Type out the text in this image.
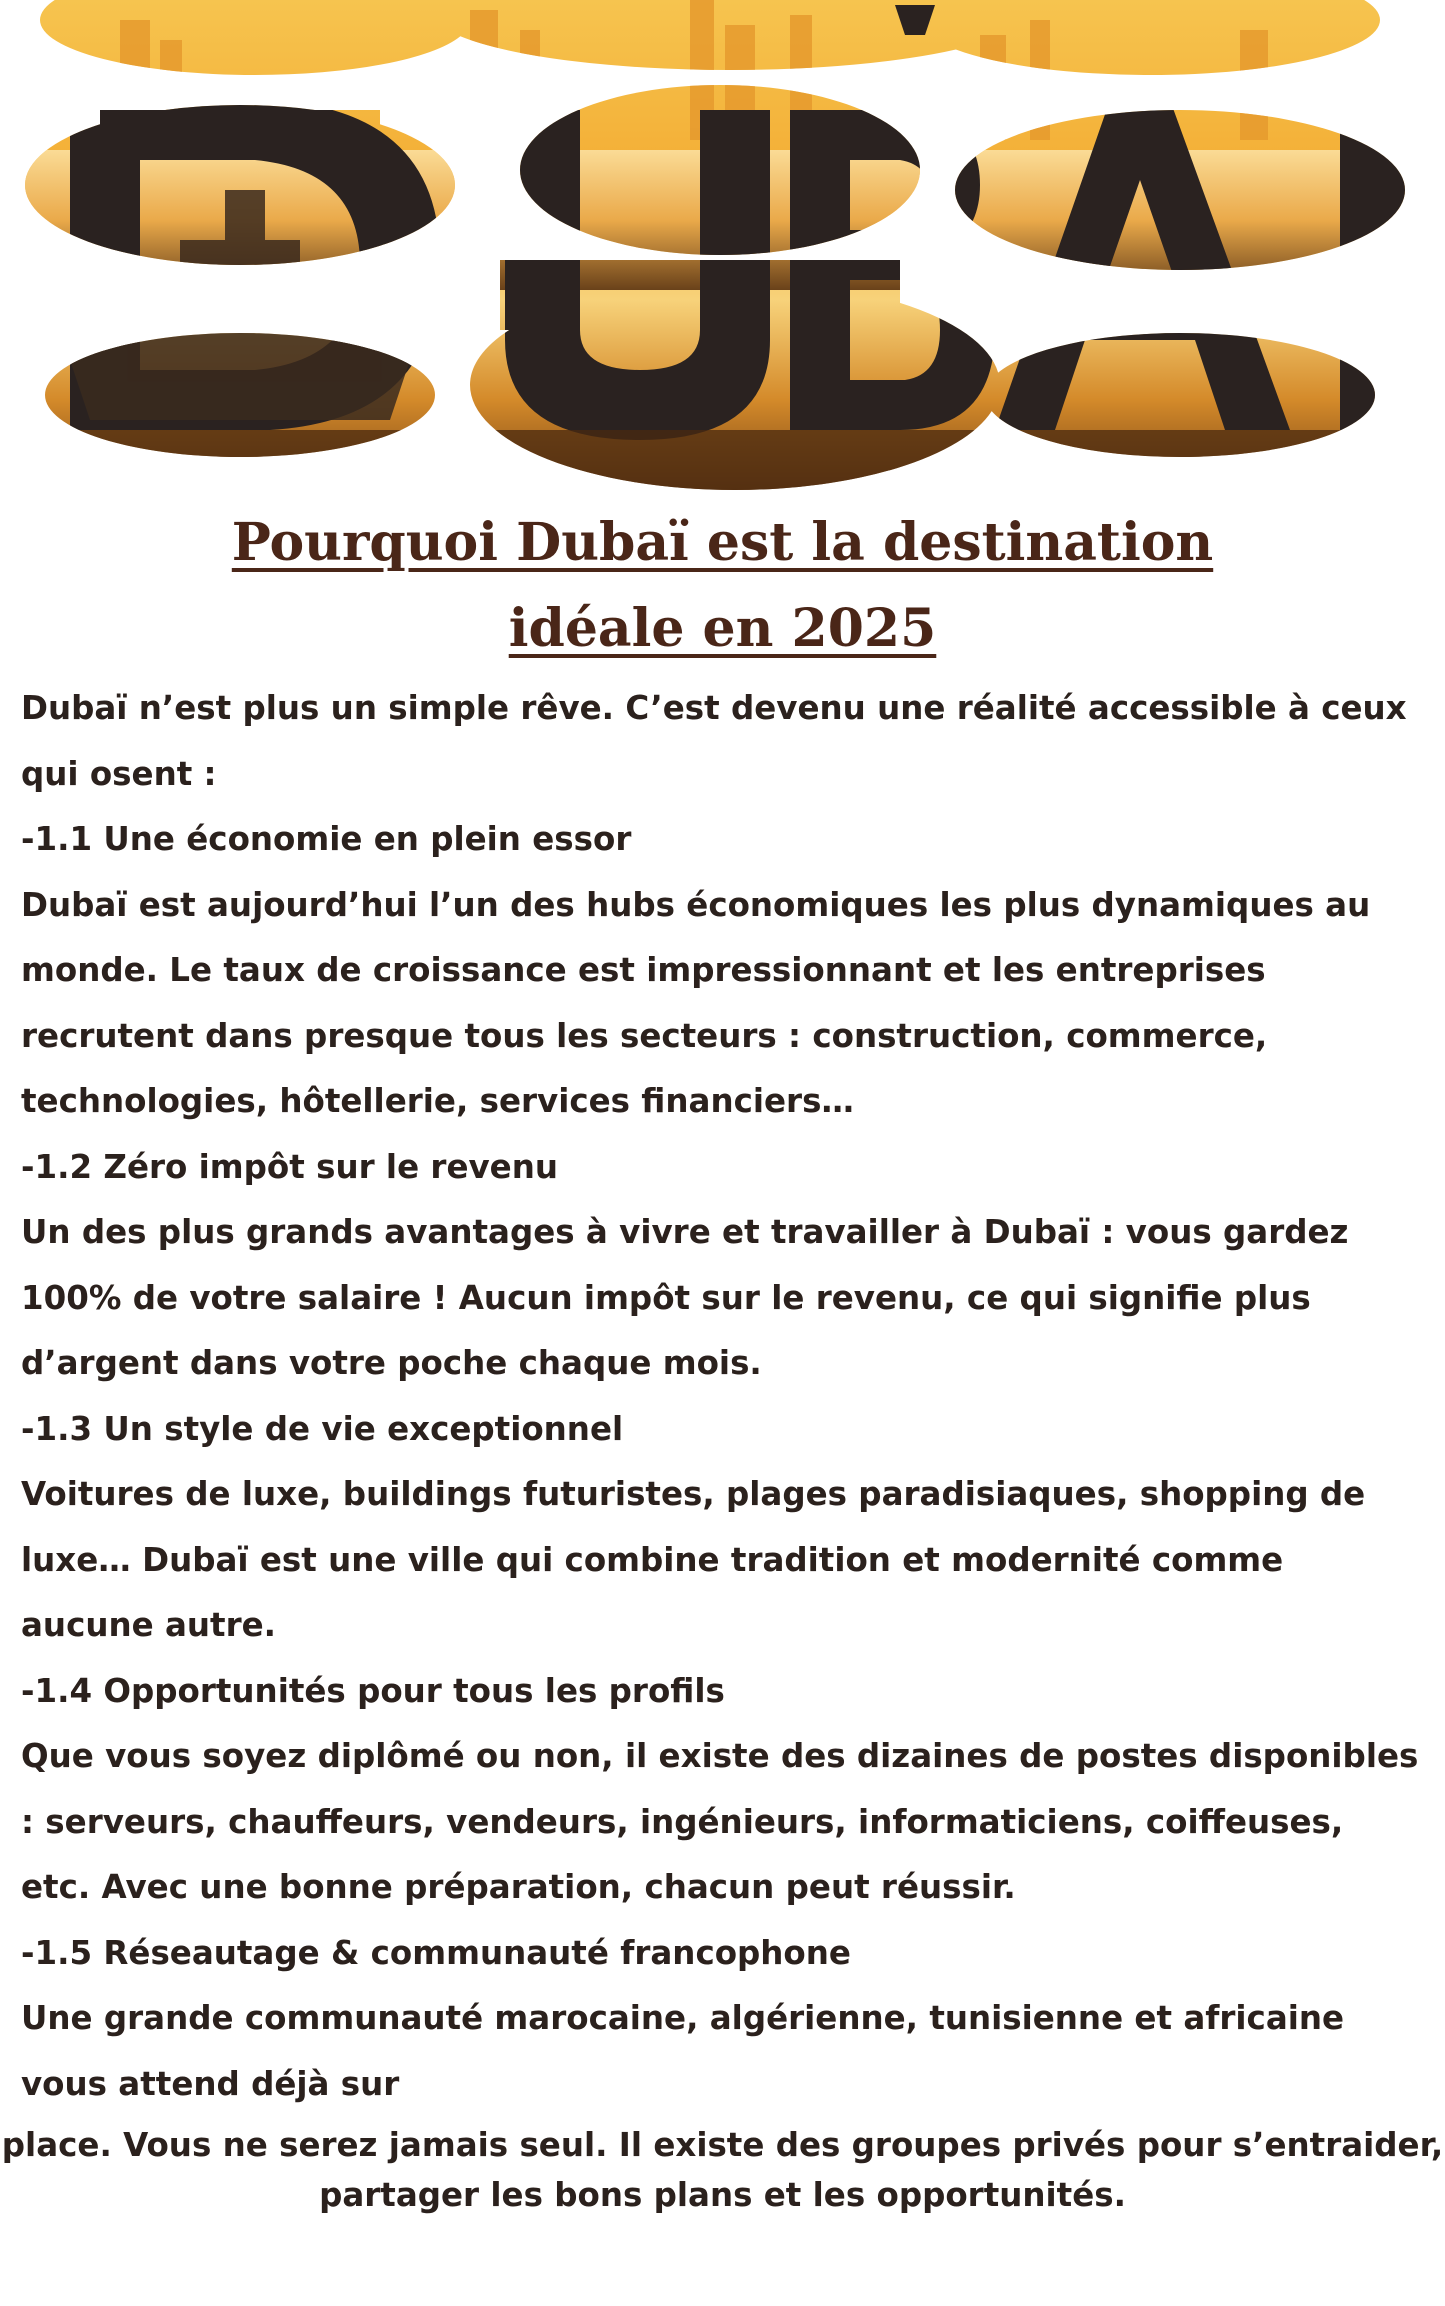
Pourquoi Dubaï est la destination
idéale en 2025

Dubaï n’est plus un simple rêve. C’est devenu une réalité accessible à ceux qui osent :

-1.1 Une économie en plein essor

Dubaï est aujourd’hui l’un des hubs économiques les plus dynamiques au monde. Le taux de croissance est impressionnant et les entreprises recrutent dans presque tous les secteurs : construction, commerce, technologies, hôtellerie, services financiers…

-1.2 Zéro impôt sur le revenu

Un des plus grands avantages à vivre et travailler à Dubaï : vous gardez 100% de votre salaire ! Aucun impôt sur le revenu, ce qui signifie plus d’argent dans votre poche chaque mois.

-1.3 Un style de vie exceptionnel

Voitures de luxe, buildings futuristes, plages paradisiaques, shopping de luxe… Dubaï est une ville qui combine tradition et modernité comme aucune autre.

-1.4 Opportunités pour tous les profils

Que vous soyez diplômé ou non, il existe des dizaines de postes disponibles : serveurs, chauffeurs, vendeurs, ingénieurs, informaticiens, coiffeuses, etc. Avec une bonne préparation, chacun peut réussir.

-1.5 Réseautage & communauté francophone

Une grande communauté marocaine, algérienne, tunisienne et africaine vous attend déjà sur

place. Vous ne serez jamais seul. Il existe des groupes privés pour s’entraider,
partager les bons plans et les opportunités.
